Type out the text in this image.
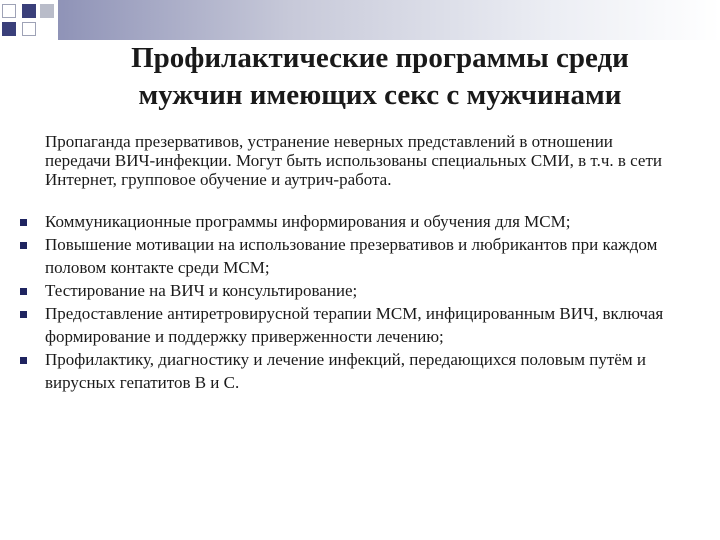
Профилактические программы среди
мужчин имеющих секс с мужчинами
Пропаганда презервативов, устранение неверных представлений в отношении передачи ВИЧ-инфекции. Могут быть использованы специальных СМИ, в т.ч. в сети Интернет, групповое обучение и аутрич-работа.
Коммуникационные программы информирования и обучения для МСМ;
Повышение мотивации на использование презервативов и любрикантов при каждом половом контакте среди МСМ;
Тестирование на ВИЧ и консультирование;
Предоставление антиретровирусной терапии МСМ, инфицированным ВИЧ, включая формирование и поддержку приверженности лечению;
Профилактику, диагностику и лечение инфекций, передающихся половым путём и вирусных гепатитов В и С.
